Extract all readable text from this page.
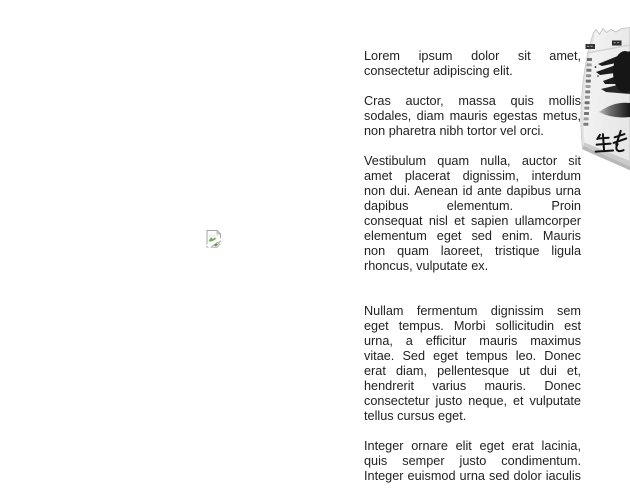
Lorem ipsum dolor sit amet,
consectetur adipiscing elit.
Cras auctor, massa quis mollis
sodales, diam mauris egestas metus,
non pharetra nibh tortor vel orci.
Vestibulum quam nulla, auctor sit
amet placerat dignissim, interdum
non dui. Aenean id ante dapibus urna
dapibus elementum. Proin
consequat nisl et sapien ullamcorper
elementum eget sed enim. Mauris
non quam laoreet, tristique ligula
rhoncus, vulputate ex.
Nullam fermentum dignissim sem
eget tempus. Morbi sollicitudin est
urna, a efficitur mauris maximus
vitae. Sed eget tempus leo. Donec
erat diam, pellentesque ut dui et,
hendrerit varius mauris. Donec
consectetur justo neque, et vulputate
tellus cursus eget.
Integer ornare elit eget erat lacinia,
quis semper justo condimentum.
Integer euismod urna sed dolor iaculis
